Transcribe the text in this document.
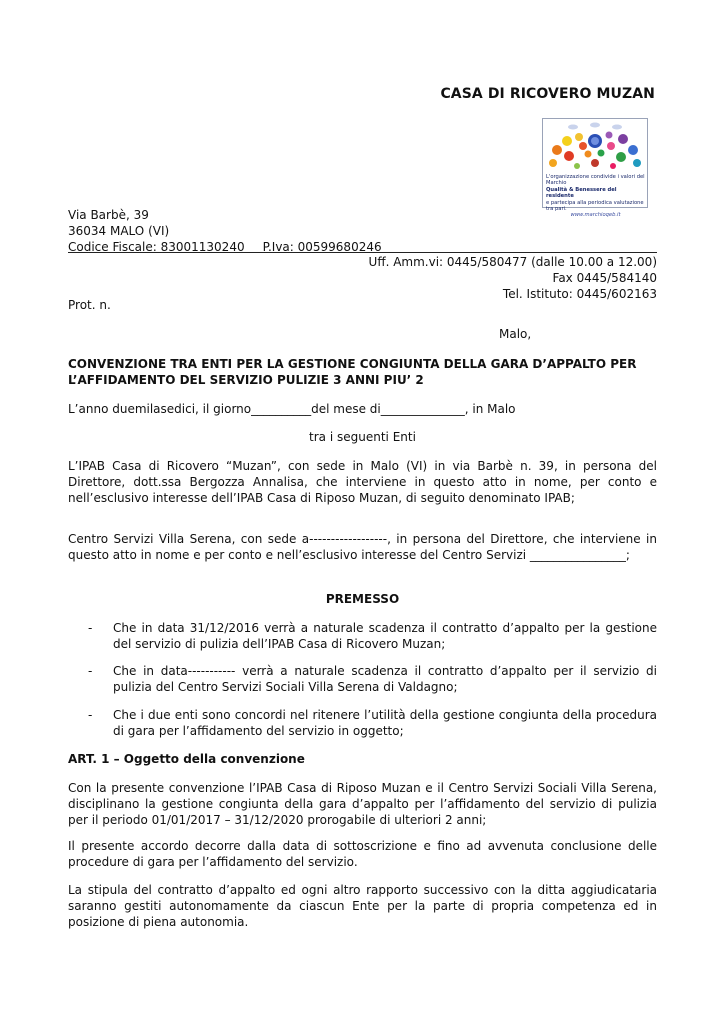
CASA DI RICOVERO MUZAN
L'organizzazione condivide i valori del Marchio
Qualità & Benessere del residente
e partecipa alla periodica valutazione tra pari.
www.marchioqeb.it
Via Barbè, 39
36034 MALO (VI)
Codice Fiscale: 83001130240 P.Iva: 00599680246
Uff. Amm.vi: 0445/580477 (dalle 10.00 a 12.00)
Fax 0445/584140
Tel. Istituto: 0445/602163
Prot. n.
Malo,
CONVENZIONE TRA ENTI PER LA GESTIONE CONGIUNTA DELLA GARA D’APPALTO PER L’AFFIDAMENTO DEL SERVIZIO PULIZIE 3 ANNI PIU’ 2
L’anno duemilasedici, il giorno__________del mese di______________, in Malo
tra i seguenti Enti
L’IPAB Casa di Ricovero “Muzan”, con sede in Malo (VI) in via Barbè n. 39, in persona del Direttore, dott.ssa Bergozza Annalisa, che interviene in questo atto in nome, per conto e nell’esclusivo interesse dell’IPAB Casa di Riposo Muzan, di seguito denominato IPAB;
Centro Servizi Villa Serena, con sede a------------------, in persona del Direttore, che interviene in questo atto in nome e per conto e nell’esclusivo interesse del Centro Servizi ________________;
PREMESSO
- Che in data 31/12/2016 verrà a naturale scadenza il contratto d’appalto per la gestione del servizio di pulizia dell’IPAB Casa di Ricovero Muzan;
- Che in data----------- verrà a naturale scadenza il contratto d’appalto per il servizio di pulizia del Centro Servizi Sociali Villa Serena di Valdagno;
- Che i due enti sono concordi nel ritenere l’utilità della gestione congiunta della procedura di gara per l’affidamento del servizio in oggetto;
ART. 1 – Oggetto della convenzione
Con la presente convenzione l’IPAB Casa di Riposo Muzan e il Centro Servizi Sociali Villa Serena, disciplinano la gestione congiunta della gara d’appalto per l’affidamento del servizio di pulizia per il periodo 01/01/2017 – 31/12/2020 prorogabile di ulteriori 2 anni;
Il presente accordo decorre dalla data di sottoscrizione e fino ad avvenuta conclusione delle procedure di gara per l’affidamento del servizio.
La stipula del contratto d’appalto ed ogni altro rapporto successivo con la ditta aggiudicataria saranno gestiti autonomamente da ciascun Ente per la parte di propria competenza ed in posizione di piena autonomia.
